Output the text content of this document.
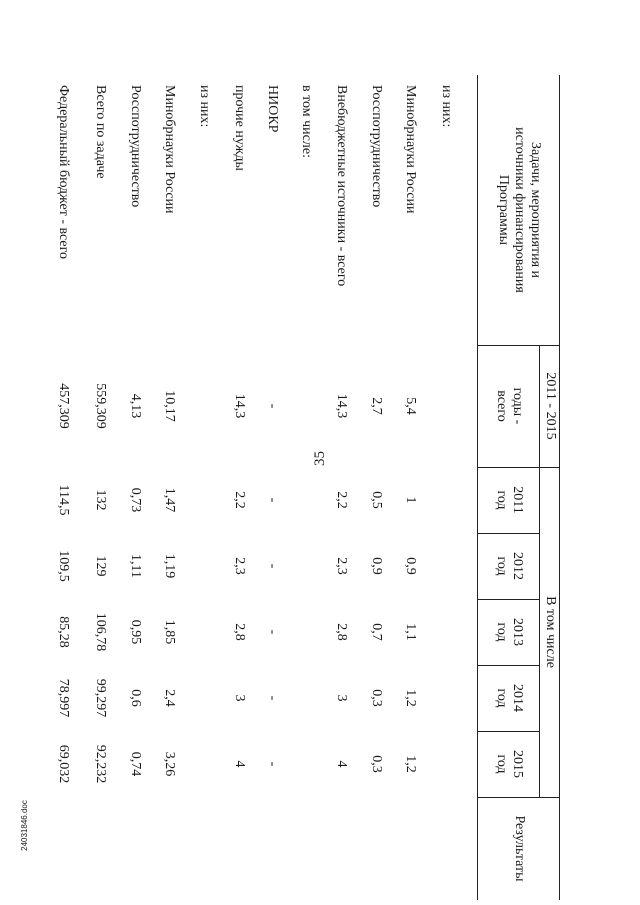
35
24031846.doc
Задачи, мероприятия и источники финансирования Программы
2011 - 2015
годы - всего
В том числе
2011 год
2012 год
2013 год
2014 год
2015 год
Результаты
из них:
Минобрнауки России
5,4
1
0,9
1,1
1,2
1,2
Росспотрудничество
2,7
0,5
0,9
0,7
0,3
0,3
Внебюджетные источники - всего
14,3
2,2
2,3
2,8
3
4
в том числе:
НИОКР
-
-
-
-
-
-
прочие нужды
14,3
2,2
2,3
2,8
3
4
из них:
Минобрнауки России
10,17
1,47
1,19
1,85
2,4
3,26
Росспотрудничество
4,13
0,73
1,11
0,95
0,6
0,74
Всего по задаче
559,309
132
129
106,78
99,297
92,232
Федеральный бюджет - всего
457,309
114,5
109,5
85,28
78,997
69,032
